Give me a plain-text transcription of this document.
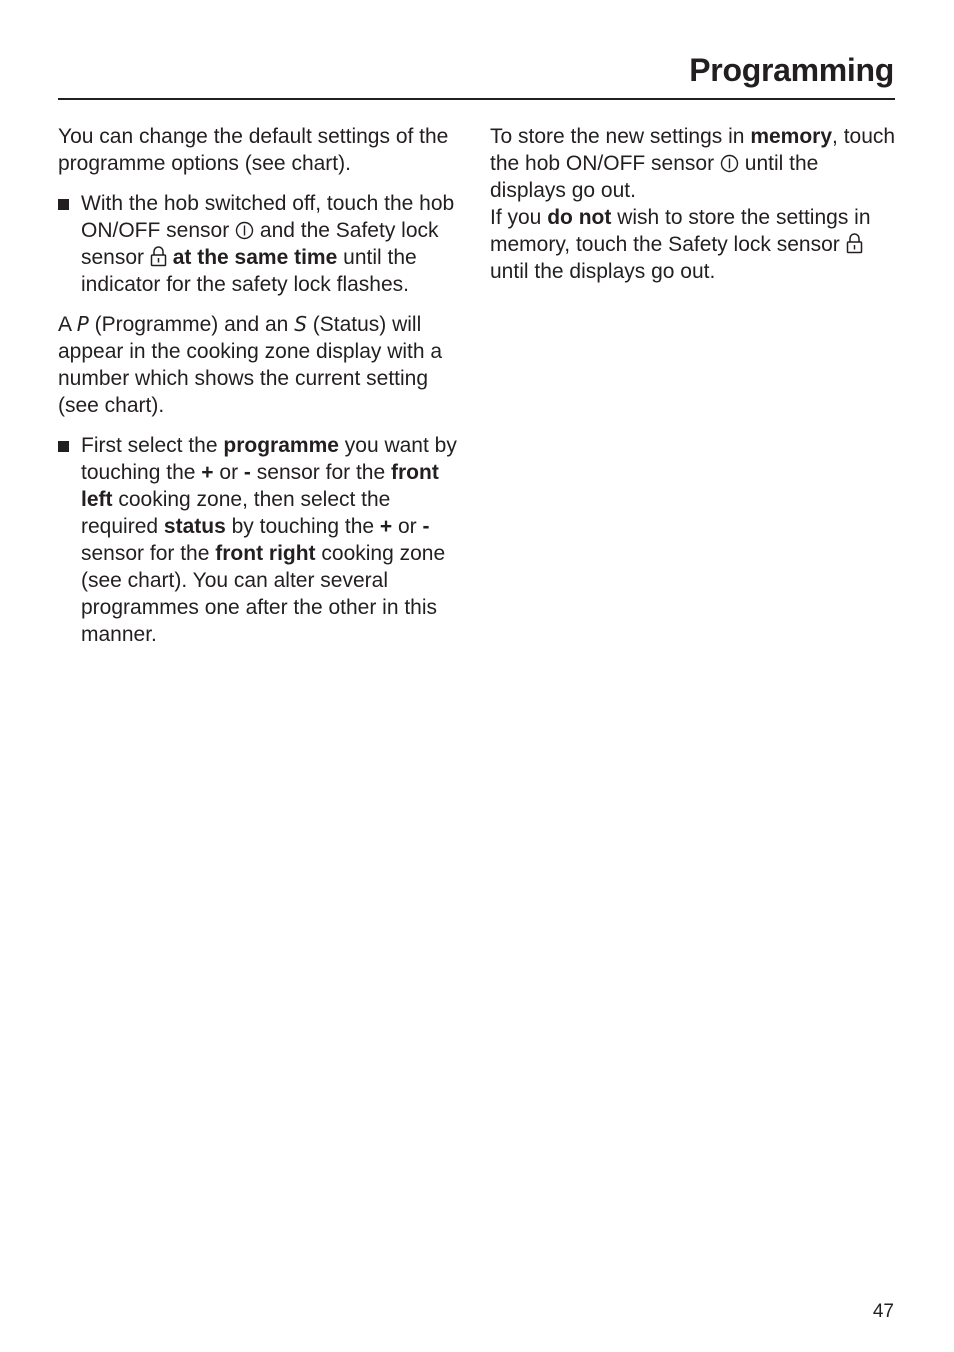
Programming

You can change the default settings of the programme options (see chart).

With the hob switched off, touch the hob ON/OFF sensor and the Safety lock sensor at the same time until the indicator for the safety lock flashes.

A P (Programme) and an S (Status) will appear in the cooking zone display with a number which shows the current setting (see chart).

First select the programme you want by touching the + or - sensor for the front left cooking zone, then select the required status by touching the + or - sensor for the front right cooking zone (see chart). You can alter several programmes one after the other in this manner.

To store the new settings in memory, touch the hob ON/OFF sensor until the displays go out.

If you do not wish to store the settings in memory, touch the Safety lock sensor  until the displays go out.

47
